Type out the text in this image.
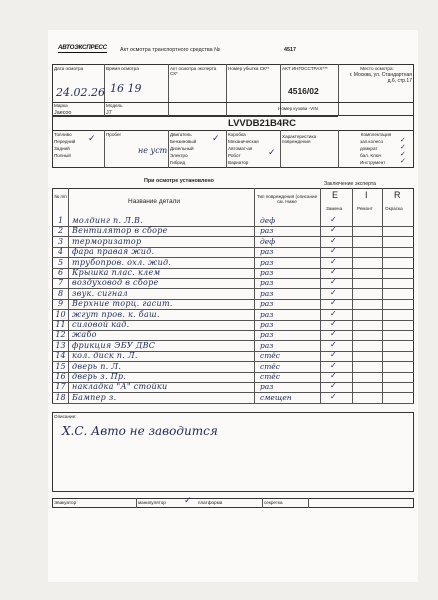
АВТОЭКСПРЕСС Акт осмотра транспортного средства №	4517
Дата осмотра
24.02.26
Время осмотра
16 19
Акт осмотра эксперта СК*
Номер убытка СК**	АКТ ИНГОССТРАХ***
4516/02
Место осмотра:
г. Москва, ул. Стандартная д.6, стр.17
Марка
Jaecoo
Модель
J7
Номер кузова -VIN
LVVDB21B4RC
Топливо
Передний
Задний
Полный
✓ Пробег
не уст
Двигатель
Бензиновый
Дизельный
Электро
Гибрид
✓ Коробка
Механическая
Автомат-ая
Робот
Вариатор
✓
Характеристика повреждения
Комплектация
зап.колесо
домкрат
бал. Ключ
Инструмент
✓
✓
✓
✓
При осмотре установлено	Заключение эксперта
№ п/п
Название детали
Тип повреждения (описание см. Ниже
E	I	R
Замена	Ремонт	Окраска
Описание:
Х.С. Авто не заводится
Эвакуатор	манипулятор ✓ платформа	секретка
1	молдинг п. Л.В.	деф	✓
2	Вентилятор в сборе	раз	✓
3	терморизатор	деф	✓
4	фара правая жид.	раз	✓
5	трубопров. охл. жид.	раз	✓
6	Крышка плас. клем	раз	✓
7	воздуховод в сборе	раз	✓
8	звук. сигнал	раз	✓
9	Верхние торц. гасит.	раз	✓
10 жгут пров. к. баш.	раз	✓
11 силовой кад.	раз	✓
12 жабо	раз	✓
13 фрикция ЭБУ ДВС	раз	✓
14 кол. диск п. Л.	стёс	✓
15 дверь п. Л.	стёс	✓
16 дверь з. Пр.	стёс	✓
17 накладка "А" стойки	раз	✓
18 Бампер з.	смещен	✓
